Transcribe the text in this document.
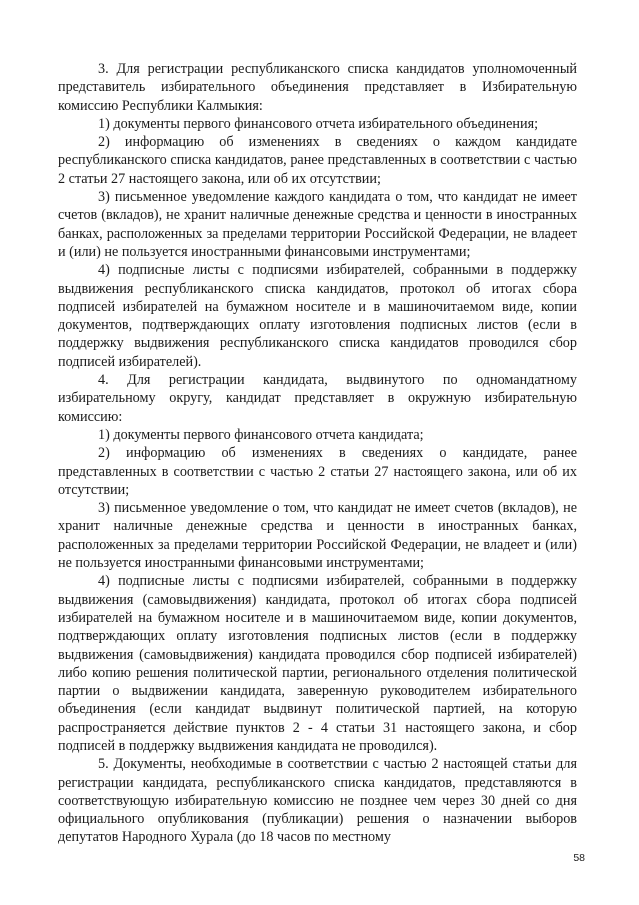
3. Для регистрации республиканского списка кандидатов уполномоченный представитель избирательного объединения представляет в Избирательную комиссию Республики Калмыкия:

1) документы первого финансового отчета избирательного объединения;

2) информацию об изменениях в сведениях о каждом кандидате республиканского списка кандидатов, ранее представленных в соответствии с частью 2 статьи 27 настоящего закона, или об их отсутствии;

3) письменное уведомление каждого кандидата о том, что кандидат не имеет счетов (вкладов), не хранит наличные денежные средства и ценности в иностранных банках, расположенных за пределами территории Российской Федерации, не владеет и (или) не пользуется иностранными финансовыми инструментами;

4) подписные листы с подписями избирателей, собранными в поддержку выдвижения республиканского списка кандидатов, протокол об итогах сбора подписей избирателей на бумажном носителе и в машиночитаемом виде, копии документов, подтверждающих оплату изготовления подписных листов (если в поддержку выдвижения республиканского списка кандидатов проводился сбор подписей избирателей).

4. Для регистрации кандидата, выдвинутого по одномандатному избирательному округу, кандидат представляет в окружную избирательную комиссию:

1) документы первого финансового отчета кандидата;

2) информацию об изменениях в сведениях о кандидате, ранее представленных в соответствии с частью 2 статьи 27 настоящего закона, или об их отсутствии;

3) письменное уведомление о том, что кандидат не имеет счетов (вкладов), не хранит наличные денежные средства и ценности в иностранных банках, расположенных за пределами территории Российской Федерации, не владеет и (или) не пользуется иностранными финансовыми инструментами;

4) подписные листы с подписями избирателей, собранными в поддержку выдвижения (самовыдвижения) кандидата, протокол об итогах сбора подписей избирателей на бумажном носителе и в машиночитаемом виде, копии документов, подтверждающих оплату изготовления подписных листов (если в поддержку выдвижения (самовыдвижения) кандидата проводился сбор подписей избирателей) либо копию решения политической партии, регионального отделения политической партии о выдвижении кандидата, заверенную руководителем избирательного объединения (если кандидат выдвинут политической партией, на которую распространяется действие пунктов 2 - 4 статьи 31 настоящего закона, и сбор подписей в поддержку выдвижения кандидата не проводился).

5. Документы, необходимые в соответствии с частью 2 настоящей статьи для регистрации кандидата, республиканского списка кандидатов, представляются в соответствующую избирательную комиссию не позднее чем через 30 дней со дня официального опубликования (публикации) решения о назначении выборов депутатов Народного Хурала (до 18 часов по местному

58
